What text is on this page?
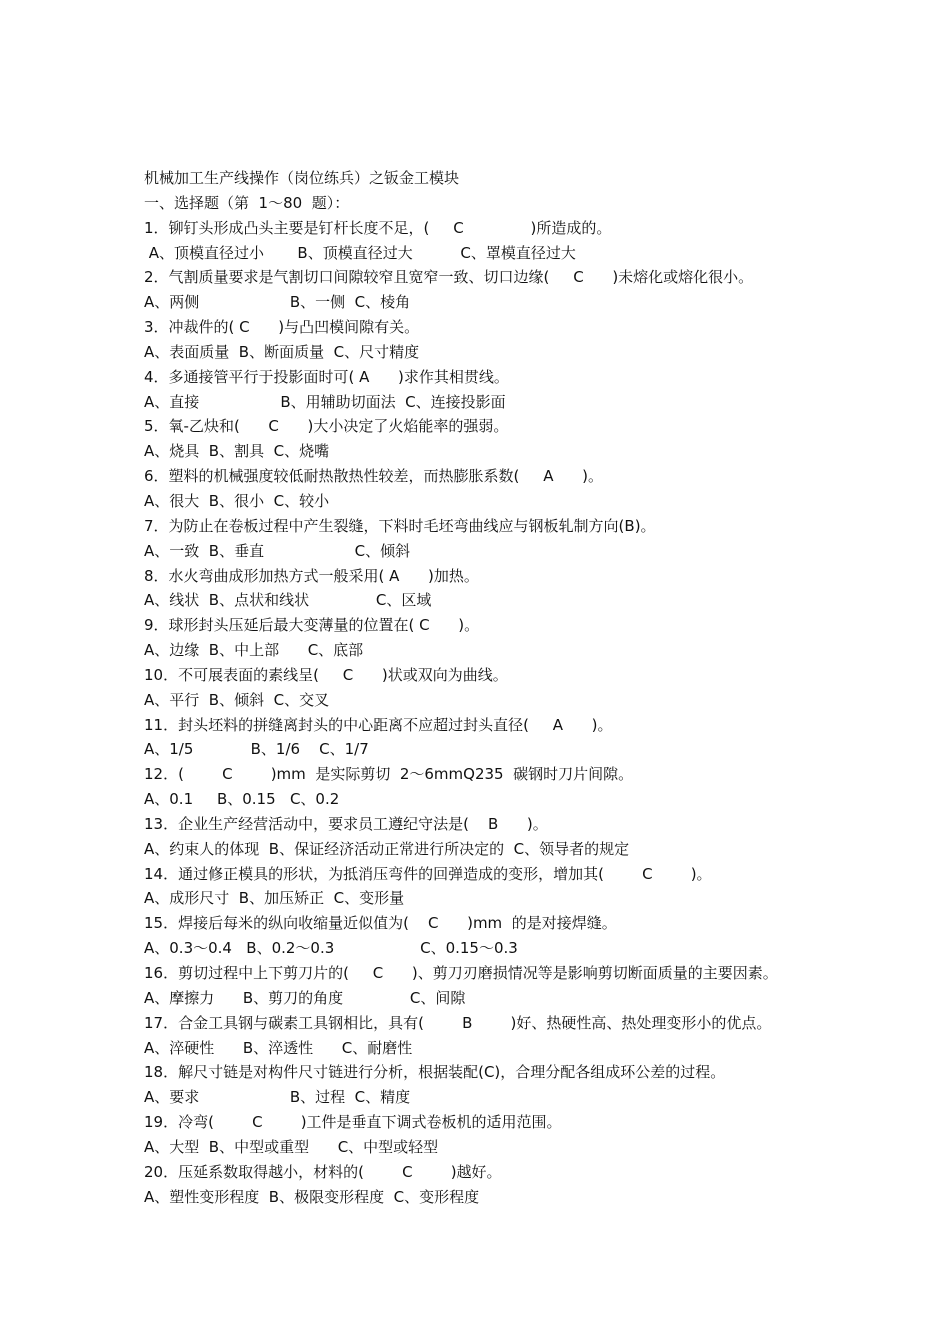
机械加工生产线操作（岗位练兵）之钣金工模块
一、选择题（第  1～80  题）：
1．铆钉头形成凸头主要是钉杆长度不足，(     C              )所造成的。
A、顶模直径过小       B、顶模直径过大          C、罩模直径过大
2．气割质量要求是气割切口间隙较窄且宽窄一致、切口边缘(     C      )未熔化或熔化很小。
A、两侧                   B、一侧  C、棱角
3．冲裁件的( C      )与凸凹模间隙有关。
A、表面质量  B、断面质量  C、尺寸精度
4．多通接管平行于投影面时可( A      )求作其相贯线。
A、直接                 B、用辅助切面法  C、连接投影面
5．氧-乙炔和(      C      )大小决定了火焰能率的强弱。
A、烧具  B、割具  C、烧嘴
6．塑料的机械强度较低耐热散热性较差，而热膨胀系数(     A      )。
A、很大  B、很小  C、较小
7．为防止在卷板过程中产生裂缝，下料时毛坯弯曲线应与钢板轧制方向(B)。
A、一致  B、垂直                   C、倾斜
8．水火弯曲成形加热方式一般采用( A      )加热。
A、线状  B、点状和线状              C、区域
9．球形封头压延后最大变薄量的位置在( C      )。
A、边缘  B、中上部      C、底部
10．不可展表面的素线呈(     C      )状或双向为曲线。
A、平行  B、倾斜  C、交叉
11．封头坯料的拼缝离封头的中心距离不应超过封头直径(     A      )。
A、1/5            B、1/6    C、1/7
12．(        C        )mm  是实际剪切  2～6mmQ235  碳钢时刀片间隙。
A、0.1     B、0.15   C、0.2
13．企业生产经营活动中，要求员工遵纪守法是(    B      )。
A、约束人的体现  B、保证经济活动正常进行所决定的  C、领导者的规定
14．通过修正模具的形状，为抵消压弯件的回弹造成的变形，增加其(        C        )。
A、成形尺寸  B、加压矫正  C、变形量
15．焊接后每米的纵向收缩量近似值为(    C      )mm  的是对接焊缝。
A、0.3～0.4   B、0.2～0.3                  C、0.15～0.3
16．剪切过程中上下剪刀片的(     C      )、剪刀刃磨损情况等是影响剪切断面质量的主要因素。
A、摩擦力      B、剪刀的角度              C、间隙
17．合金工具钢与碳素工具钢相比，具有(        B        )好、热硬性高、热处理变形小的优点。
A、淬硬性      B、淬透性      C、耐磨性
18．解尺寸链是对构件尺寸链进行分析，根据装配(C)，合理分配各组成环公差的过程。
A、要求                   B、过程  C、精度
19．冷弯(        C        )工件是垂直下调式卷板机的适用范围。
A、大型  B、中型或重型      C、中型或轻型
20．压延系数取得越小，材料的(        C        )越好。
A、塑性变形程度  B、极限变形程度  C、变形程度
